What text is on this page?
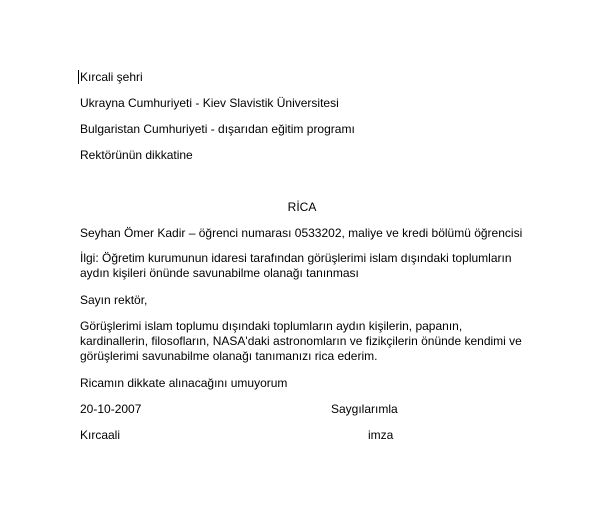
Kırcali şehri
Ukrayna Cumhuriyeti - Kiev Slavistik Üniversitesi
Bulgaristan Cumhuriyeti - dışarıdan eğitim programı
Rektörünün dikkatine
RİCA
Seyhan Ömer Kadir – öğrenci numarası 0533202, maliye ve kredi bölümü öğrencisi
İlgi: Öğretim kurumunun idaresi tarafından görüşlerimi islam dışındaki toplumların
aydın kişileri önünde savunabilme olanağı tanınması
Sayın rektör,
Görüşlerimi islam toplumu dışındaki toplumların aydın kişilerin, papanın,
kardinallerin, filosofların, NASA'daki astronomların ve fizikçilerin önünde kendimi ve
görüşlerimi savunabilme olanağı tanımanızı rica ederim.
Ricamın dikkate alınacağını umuyorum
20-10-2007	Saygılarımla
Kırcaali	imza
